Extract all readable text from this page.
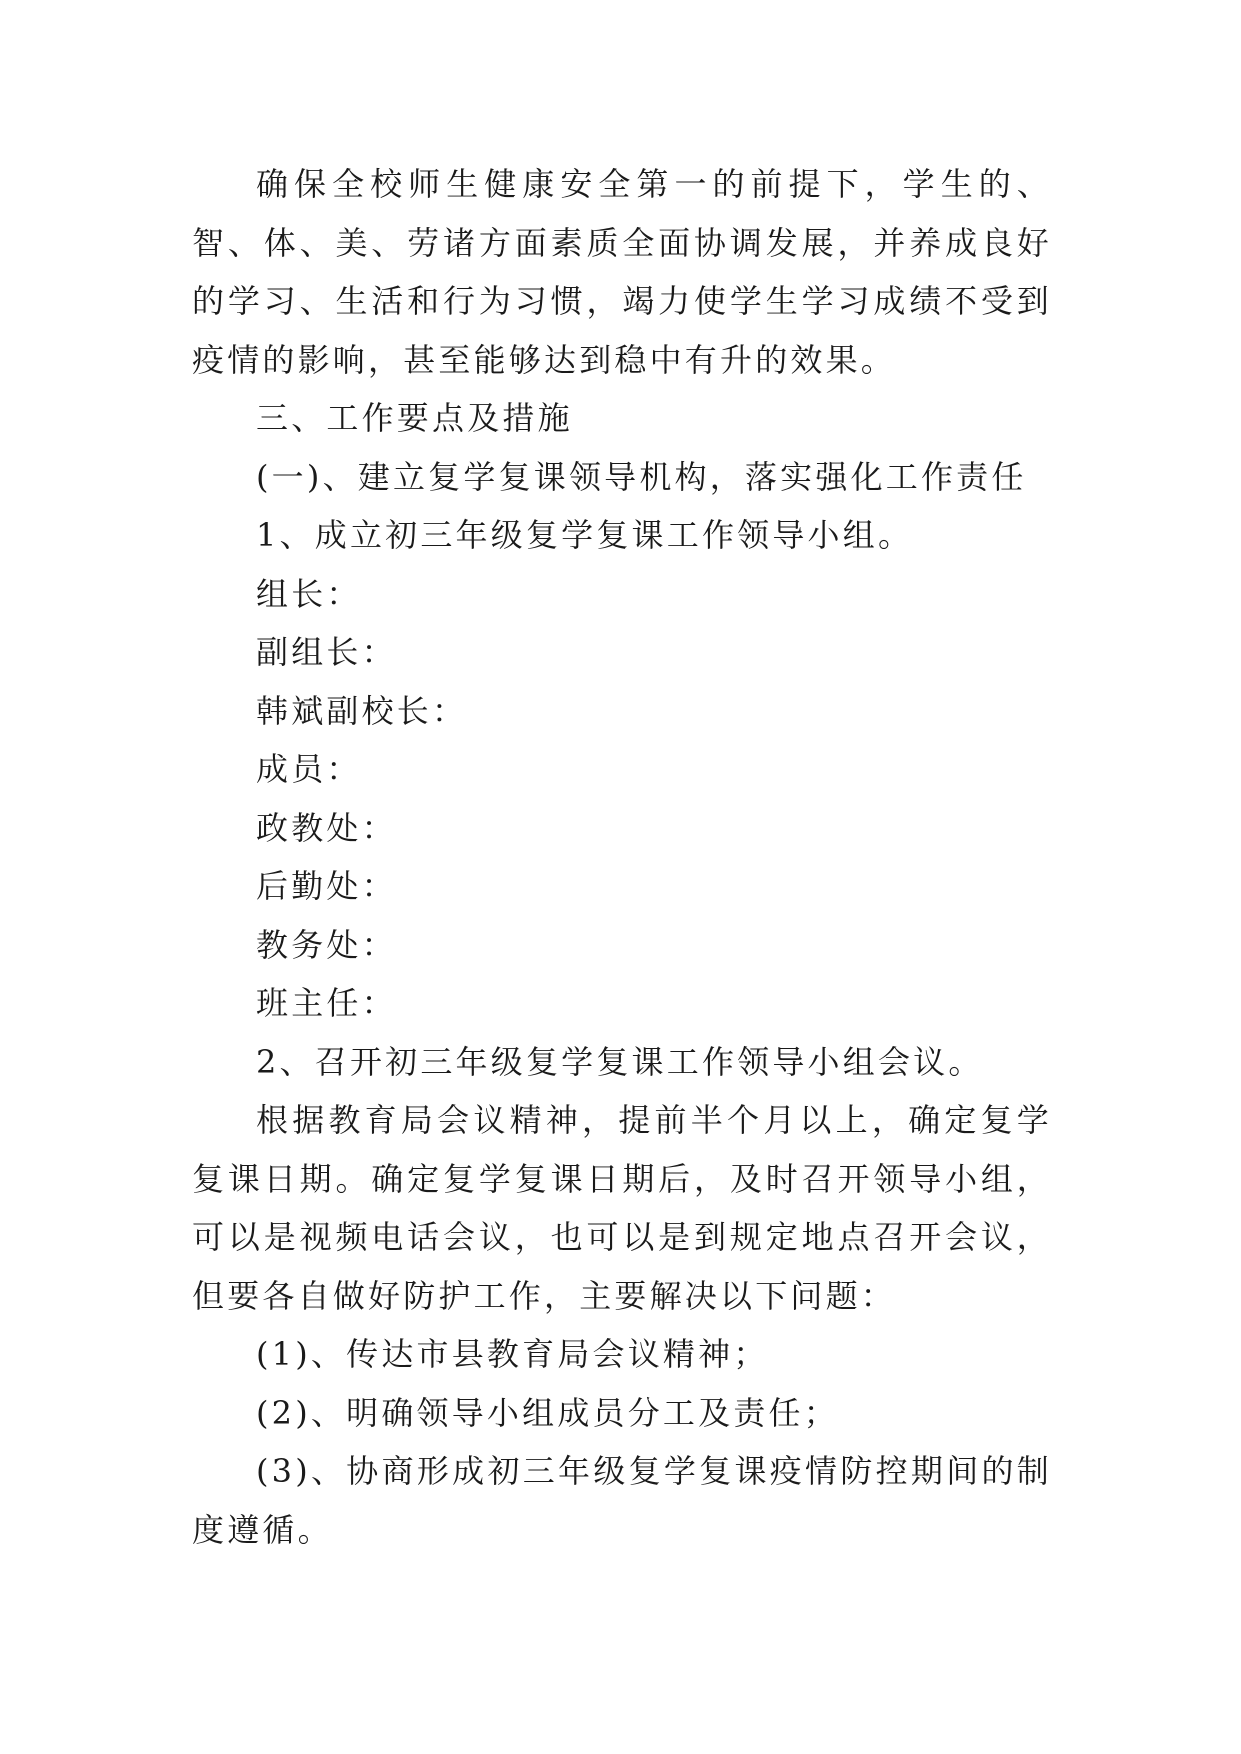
确保全校师生健康安全第一的前提下，学生的、智、体、美、劳诸方面素质全面协调发展，并养成良好的学习、生活和行为习惯，竭力使学生学习成绩不受到疫情的影响，甚至能够达到稳中有升的效果。

三、工作要点及措施

(一)、建立复学复课领导机构，落实强化工作责任

1、成立初三年级复学复课工作领导小组。

组长：

副组长：

韩斌副校长：

成员：

政教处：

后勤处：

教务处：

班主任：

2、召开初三年级复学复课工作领导小组会议。

根据教育局会议精神，提前半个月以上，确定复学复课日期。确定复学复课日期后，及时召开领导小组，可以是视频电话会议，也可以是到规定地点召开会议，但要各自做好防护工作，主要解决以下问题：

(1)、传达市县教育局会议精神；

(2)、明确领导小组成员分工及责任；

(3)、协商形成初三年级复学复课疫情防控期间的制度遵循。
